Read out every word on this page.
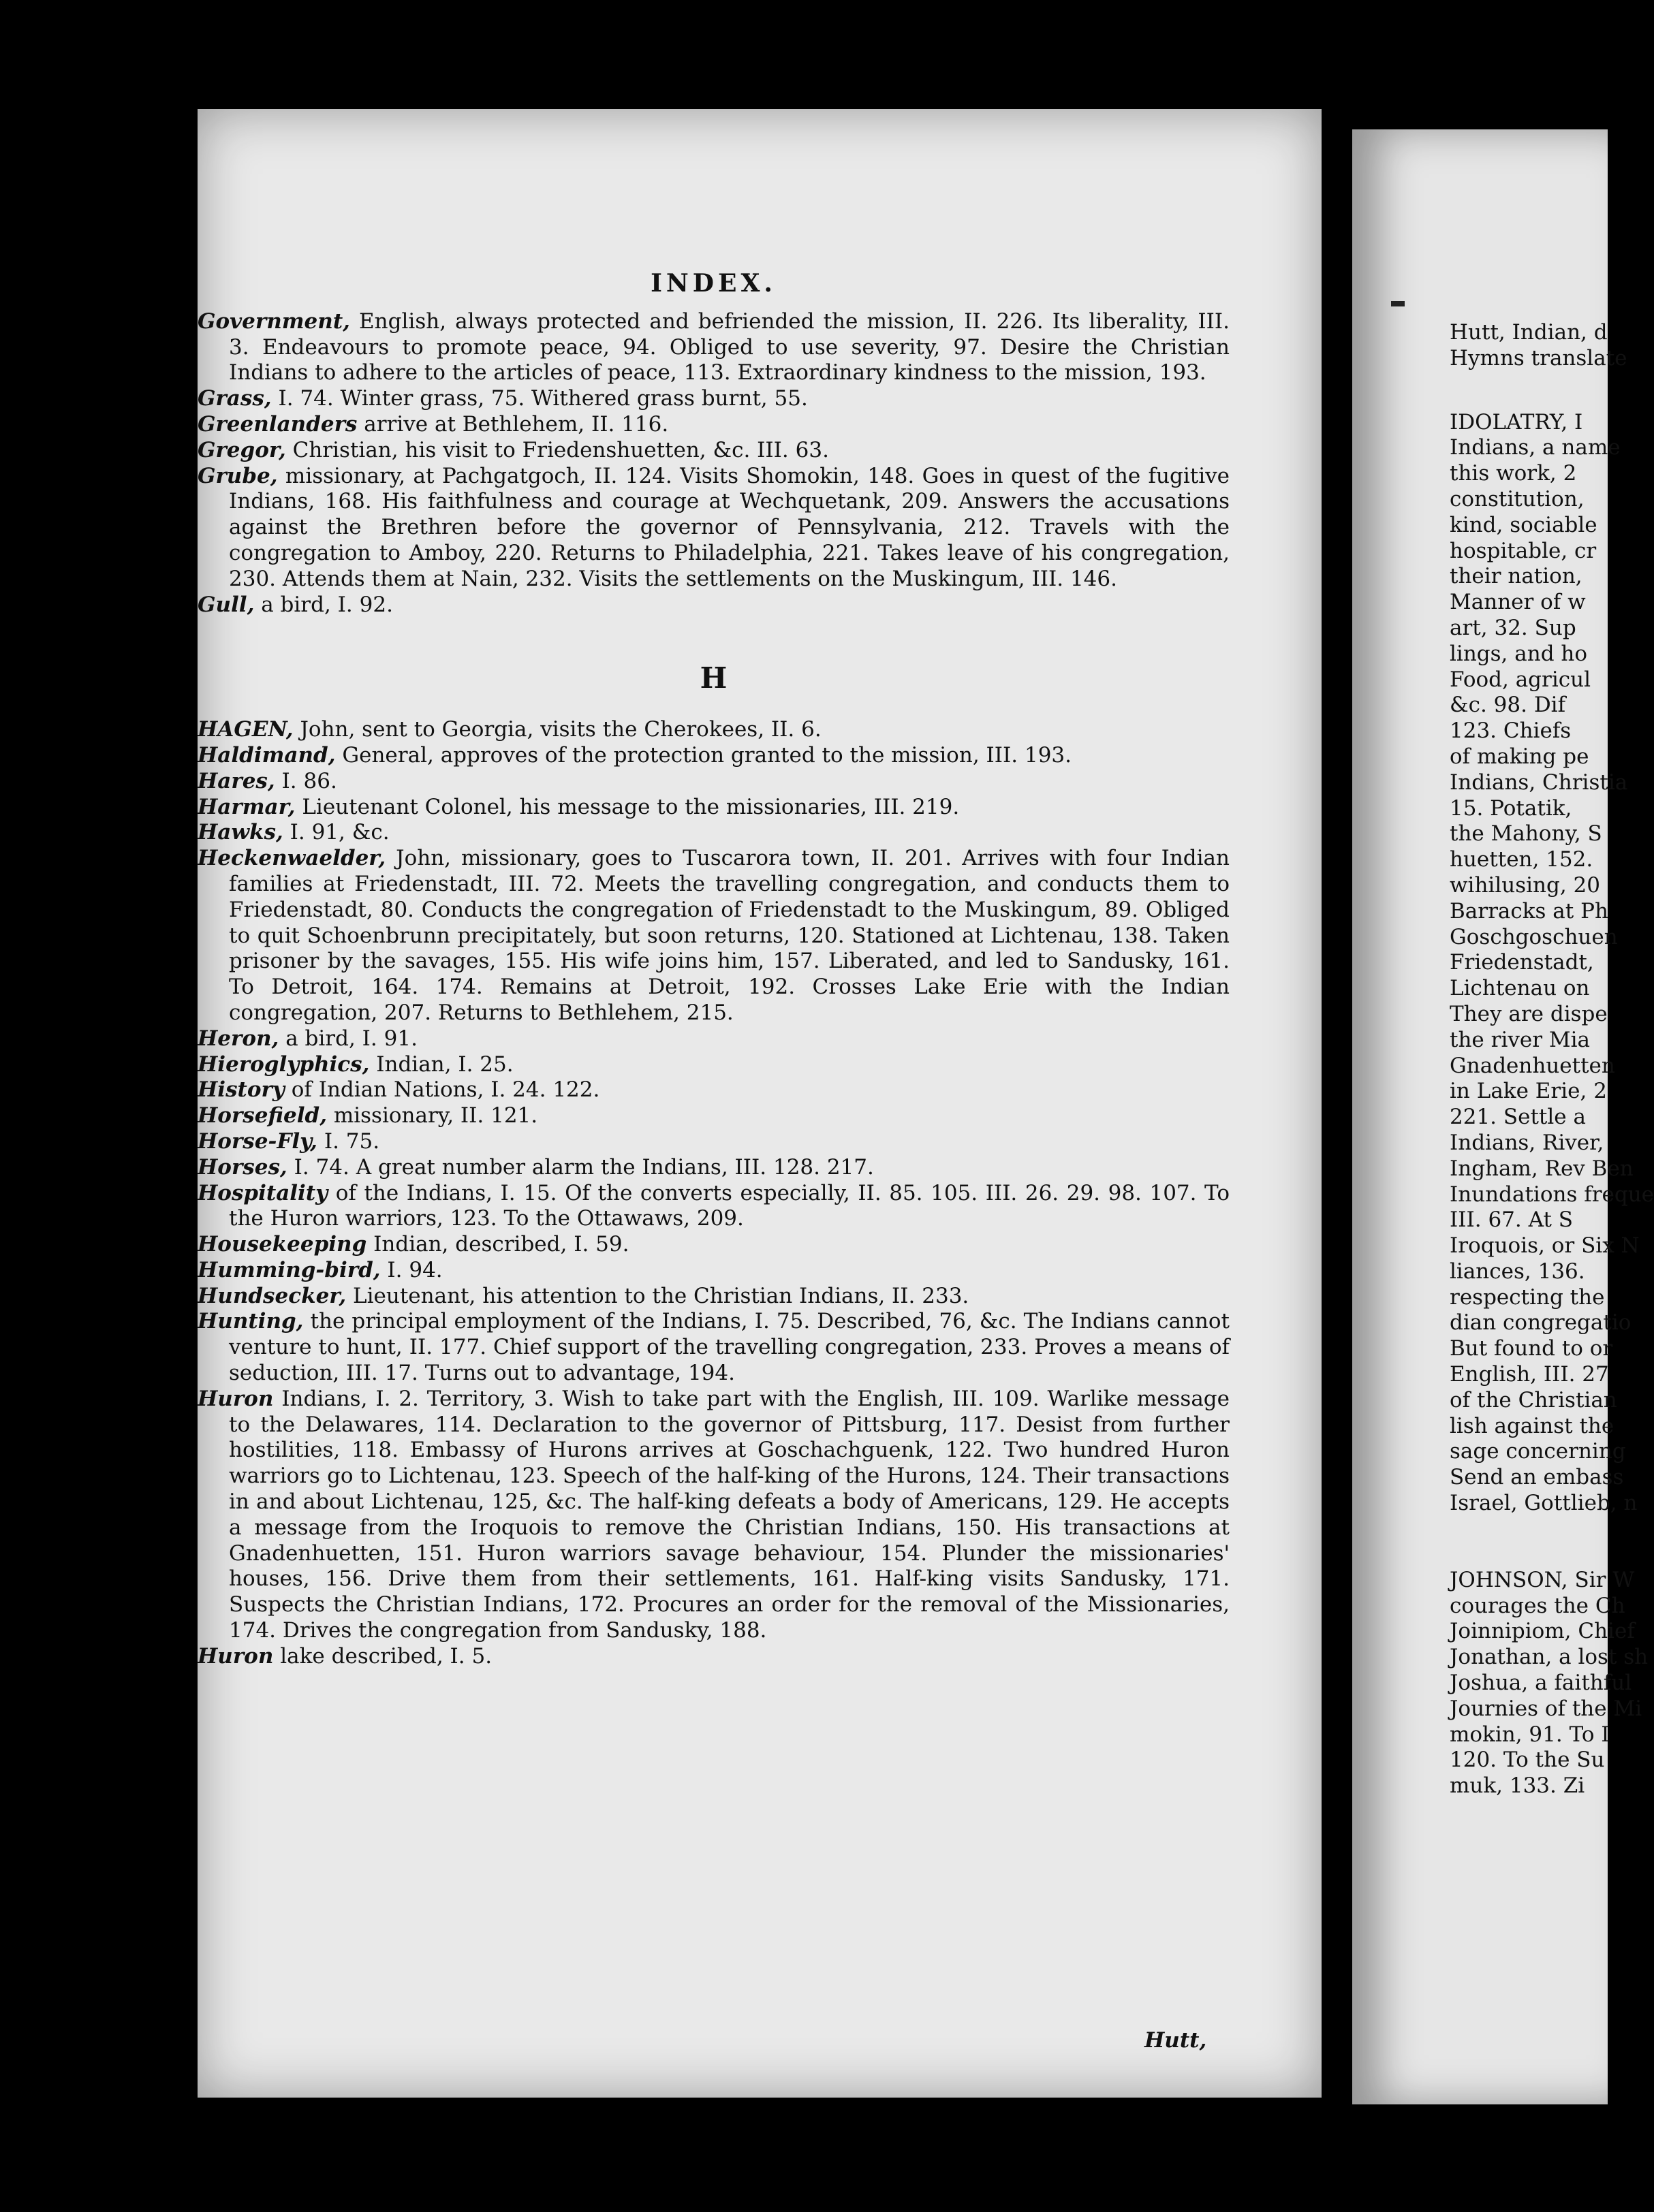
INDEX.

Government, English, always protected and befriended the mission, II. 226. Its liberality, III. 3. Endeavours to promote peace, 94. Obliged to use severity, 97. Desire the Christian Indians to adhere to the articles of peace, 113. Extraordinary kindness to the mission, 193.

Grass, I. 74. Winter grass, 75. Withered grass burnt, 55.

Greenlanders arrive at Bethlehem, II. 116.

Gregor, Christian, his visit to Friedenshuetten, &c. III. 63.

Grube, missionary, at Pachgatgoch, II. 124. Visits Shomokin, 148. Goes in quest of the fugitive Indians, 168. His faithfulness and courage at Wechquetank, 209. Answers the accusations against the Brethren before the governor of Pennsylvania, 212. Travels with the congregation to Amboy, 220. Returns to Philadelphia, 221. Takes leave of his congregation, 230. Attends them at Nain, 232. Visits the settlements on the Muskingum, III. 146.

Gull, a bird, I. 92.

H

HAGEN, John, sent to Georgia, visits the Cherokees, II. 6.

Haldimand, General, approves of the protection granted to the mission, III. 193.

Hares, I. 86.

Harmar, Lieutenant Colonel, his message to the missionaries, III. 219.

Hawks, I. 91, &c.

Heckenwaelder, John, missionary, goes to Tuscarora town, II. 201. Arrives with four Indian families at Friedenstadt, III. 72. Meets the travelling congregation, and conducts them to Friedenstadt, 80. Conducts the congregation of Friedenstadt to the Muskingum, 89. Obliged to quit Schoenbrunn precipitately, but soon returns, 120. Stationed at Lichtenau, 138. Taken prisoner by the savages, 155. His wife joins him, 157. Liberated, and led to Sandusky, 161. To Detroit, 164. 174. Remains at Detroit, 192. Crosses Lake Erie with the Indian congregation, 207. Returns to Bethlehem, 215.

Heron, a bird, I. 91.

Hieroglyphics, Indian, I. 25.

History of Indian Nations, I. 24. 122.

Horsefield, missionary, II. 121.

Horse-Fly, I. 75.

Horses, I. 74. A great number alarm the Indians, III. 128. 217.

Hospitality of the Indians, I. 15. Of the converts especially, II. 85. 105. III. 26. 29. 98. 107. To the Huron warriors, 123. To the Ottawaws, 209.

Housekeeping Indian, described, I. 59.

Humming-bird, I. 94.

Hundsecker, Lieutenant, his attention to the Christian Indians, II. 233.

Hunting, the principal employment of the Indians, I. 75. Described, 76, &c. The Indians cannot venture to hunt, II. 177. Chief support of the travelling congregation, 233. Proves a means of seduction, III. 17. Turns out to advantage, 194.

Huron Indians, I. 2. Territory, 3. Wish to take part with the English, III. 109. Warlike message to the Delawares, 114. Declaration to the governor of Pittsburg, 117. Desist from further hostilities, 118. Embassy of Hurons arrives at Goschachguenk, 122. Two hundred Huron warriors go to Lichtenau, 123. Speech of the half-king of the Hurons, 124. Their transactions in and about Lichtenau, 125, &c. The half-king defeats a body of Americans, 129. He accepts a message from the Iroquois to remove the Christian Indians, 150. His transactions at Gnadenhuetten, 151. Huron warriors savage behaviour, 154. Plunder the missionaries' houses, 156. Drive them from their settlements, 161. Half-king visits Sandusky, 171. Suspects the Christian Indians, 172. Procures an order for the removal of the Missionaries, 174. Drives the congregation from Sandusky, 188.

Huron lake described, I. 5.

Hutt,
Hutt, Indian, d
Hymns translate
IDOLATRY, I
Indians, a name
this work, 2
constitution,
kind, sociable
hospitable, cr
their nation,
Manner of w
art, 32. Sup
lings, and ho
Food, agricul
&c. 98. Dif
123. Chiefs
of making pe
Indians, Christia
15. Potatik,
the Mahony, S
huetten, 152.
wihilusing, 20
Barracks at Ph
Goschgoschuen
Friedenstadt,
Lichtenau on
They are dispe
the river Mia
Gnadenhuetten
in Lake Erie, 2
221. Settle a
Indians, River,
Ingham, Rev Ben
Inundations freque
III. 67. At S
Iroquois, or Six N
liances, 136.
respecting the
dian congregatio
But found to or
English, III. 27
of the Christian
lish against the
sage concerning
Send an embass
Israel, Gottlieb, n
JOHNSON, Sir W
courages the Ch
Joinnipiom, Chief
Jonathan, a lost sh
Joshua, a faithful
Journies of the Mi
mokin, 91. To I
120. To the Su
muk, 133. Zi
